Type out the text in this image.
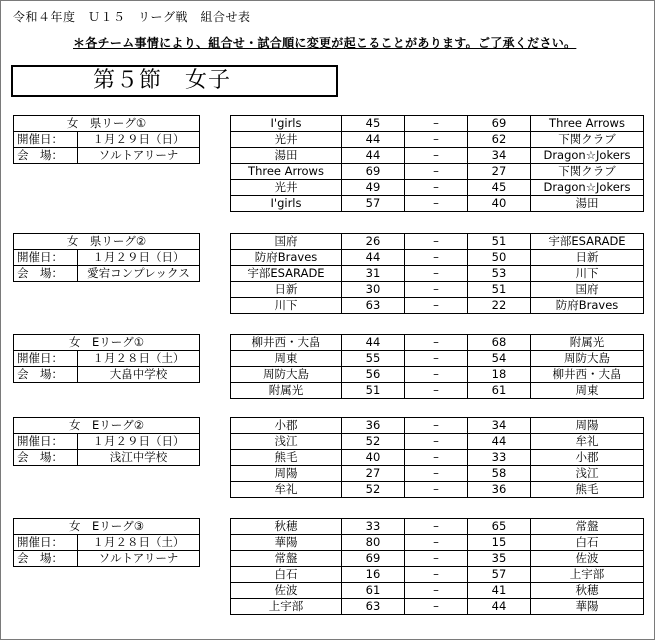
令和４年度　Ｕ１５　リーグ戦　組合せ表
＊各チーム事情により、組合せ・試合順に変更が起こることがあります。ご了承ください。
第５節　女子
女　県リーグ①	
開催日：	１月２９日（日）
会　場：	ソルトアリーナ
I'girls	45	–	69	Three Arrows
光井	44	–	62	下関クラブ
湯田	44	–	34	Dragon☆Jokers
Three Arrows	69	–	27	下関クラブ
光井	49	–	45	Dragon☆Jokers
I'girls	57	–	40	湯田
女　県リーグ②	
開催日：	１月２９日（日）
会　場：	愛宕コンプレックス
国府	26	–	51	宇部ESARADE
防府Braves	44	–	50	日新
宇部ESARADE	31	–	53	川下
日新	30	–	51	国府
川下	63	–	22	防府Braves
女　Eリーグ①	
開催日：	１月２８日（土）
会　場：	大畠中学校
柳井西・大畠	44	–	68	附属光
周東	55	–	54	周防大島
周防大島	56	–	18	柳井西・大畠
附属光	51	–	61	周東
女　Eリーグ②	
開催日：	１月２９日（日）
会　場：	浅江中学校
小郡	36	–	34	周陽
浅江	52	–	44	牟礼
熊毛	40	–	33	小郡
周陽	27	–	58	浅江
牟礼	52	–	36	熊毛
女　Eリーグ③	
開催日：	１月２８日（土）
会　場：	ソルトアリーナ
秋穂	33	–	65	常盤
華陽	80	–	15	白石
常盤	69	–	35	佐波
白石	16	–	57	上宇部
佐波	61	–	41	秋穂
上宇部	63	–	44	華陽
